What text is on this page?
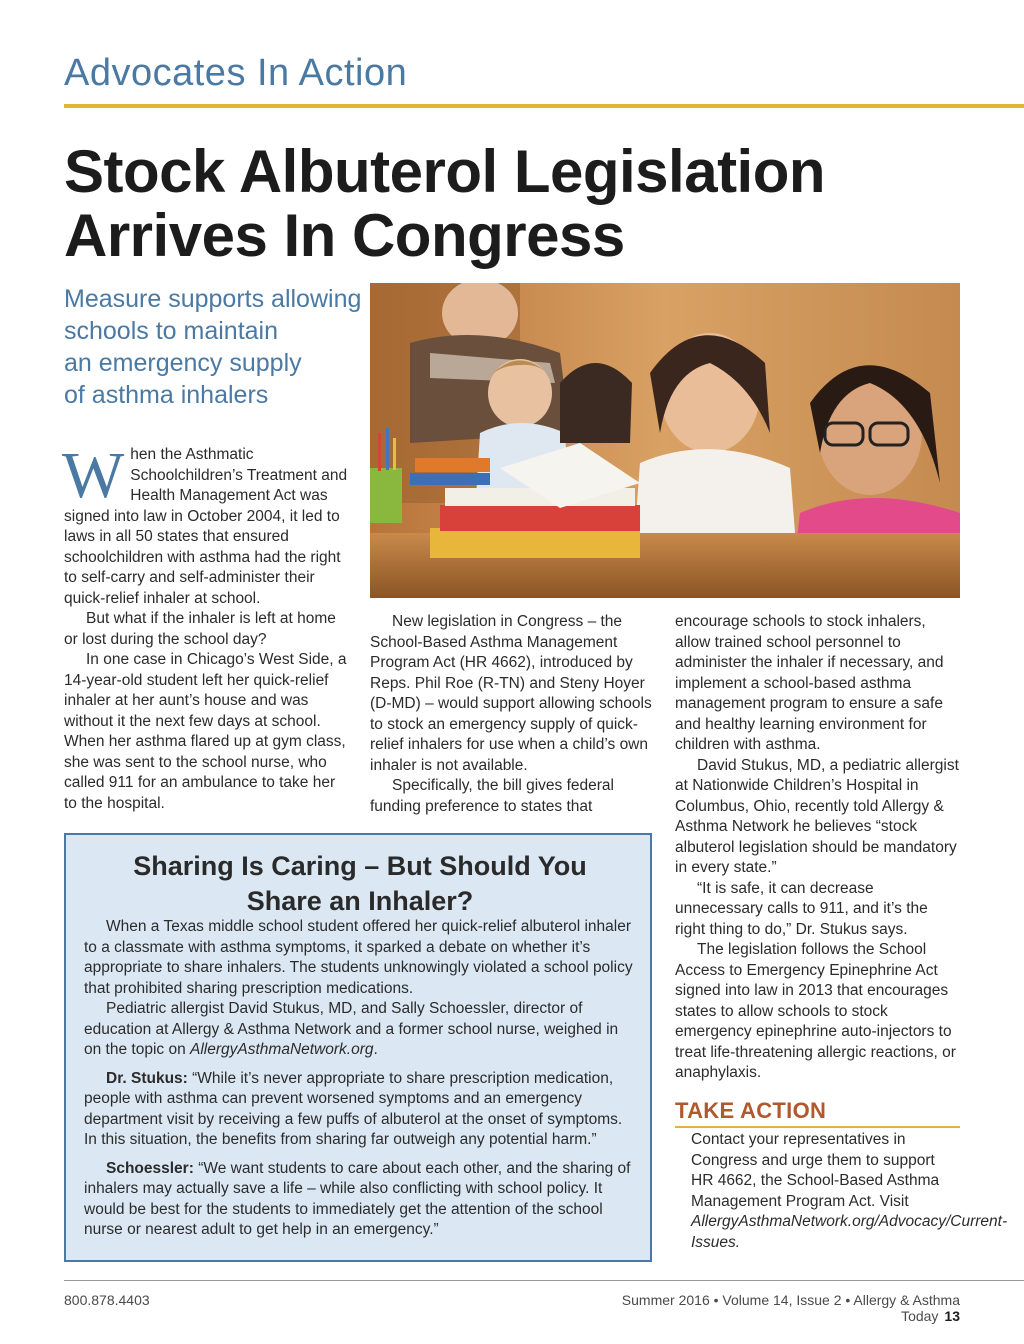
Advocates In Action
Stock Albuterol Legislation
Arrives In Congress
Measure supports allowing
schools to maintain
an emergency supply
of asthma inhalers

When the Asthmatic Schoolchildren’s Treatment and Health Management Act was signed into law in October 2004, it led to laws in all 50 states that ensured schoolchildren with asthma had the right to self-carry and self-administer their quick-relief inhaler at school.

But what if the inhaler is left at home or lost during the school day?

In one case in Chicago’s West Side, a 14-year-old student left her quick-relief inhaler at her aunt’s house and was without it the next few days at school. When her asthma flared up at gym class, she was sent to the school nurse, who called 911 for an ambulance to take her to the hospital.

New legislation in Congress – the School-Based Asthma Management Program Act (HR 4662), introduced by Reps. Phil Roe (R-TN) and Steny Hoyer (D-MD) – would support allowing schools to stock an emergency supply of quick-relief inhalers for use when a child’s own inhaler is not available.

Specifically, the bill gives federal funding preference to states that

encourage schools to stock inhalers, allow trained school personnel to administer the inhaler if necessary, and implement a school-based asthma management program to ensure a safe and healthy learning environment for children with asthma.

David Stukus, MD, a pediatric allergist at Nationwide Children’s Hospital in Columbus, Ohio, recently told Allergy & Asthma Network he believes “stock albuterol legislation should be mandatory in every state.”

“It is safe, it can decrease unnecessary calls to 911, and it’s the right thing to do,” Dr. Stukus says.

The legislation follows the School Access to Emergency Epinephrine Act signed into law in 2013 that encourages states to allow schools to stock emergency epinephrine auto-injectors to treat life-threatening allergic reactions, or anaphylaxis.

TAKE ACTION
Contact your representatives in Congress and urge them to support HR 4662, the School-Based Asthma Management Program Act. Visit AllergyAsthmaNetwork.org/Advocacy/Current-Issues.
Sharing Is Caring – But Should You
Share an Inhaler?

When a Texas middle school student offered her quick-relief albuterol inhaler to a classmate with asthma symptoms, it sparked a debate on whether it’s appropriate to share inhalers. The students unknowingly violated a school policy that prohibited sharing prescription medications.

Pediatric allergist David Stukus, MD, and Sally Schoessler, director of education at Allergy & Asthma Network and a former school nurse, weighed in on the topic on AllergyAsthmaNetwork.org.

Dr. Stukus: “While it’s never appropriate to share prescription medication, people with asthma can prevent worsened symptoms and an emergency department visit by receiving a few puffs of albuterol at the onset of symptoms. In this situation, the benefits from sharing far outweigh any potential harm.”

Schoessler: “We want students to care about each other, and the sharing of inhalers may actually save a life – while also conflicting with school policy. It would be best for the students to immediately get the attention of the school nurse or nearest adult to get help in an emergency.”

800.878.4403	Summer 2016 • Volume 14, Issue 2 • Allergy & Asthma Today 13
